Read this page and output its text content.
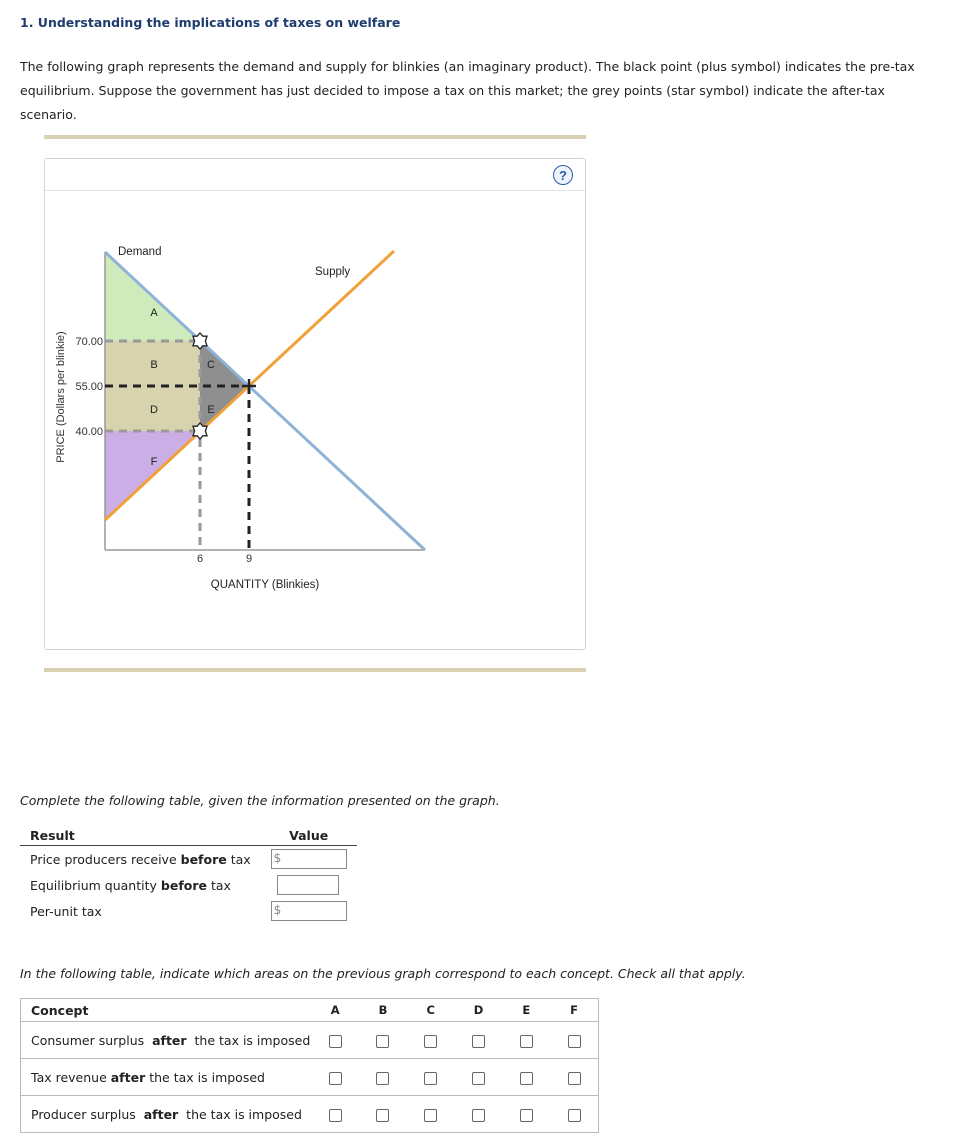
1. Understanding the implications of taxes on welfare
The following graph represents the demand and supply for blinkies (an imaginary product). The black point (plus symbol) indicates the pre-tax equilibrium. Suppose the government has just decided to impose a tax on this market; the grey points (star symbol) indicate the after-tax scenario.
?
70.00
55.00
40.00
6	9
PRICE (Dollars per blinkie)
QUANTITY (Blinkies)
Demand
Supply
A
B	C
D	E
F
Complete the following table, given the information presented on the graph.
Result	Value
Price producers receive before tax	$

Equilibrium quantity before tax	
Per-unit tax	$
In the following table, indicate which areas on the previous graph correspond to each concept. Check all that apply.
Concept	A	B	C	D	E	F
Consumer surplus  after  the tax is imposed						
Tax revenue after the tax is imposed						
Producer surplus  after  the tax is imposed						
